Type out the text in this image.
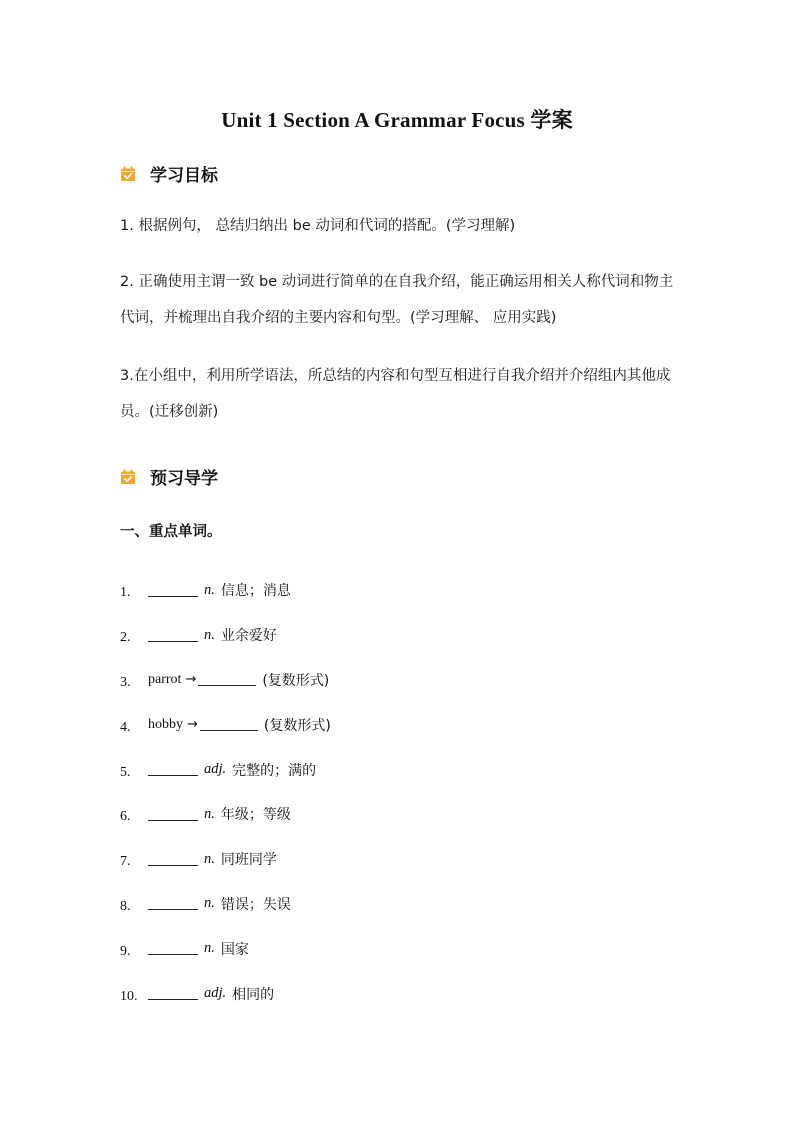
Unit 1 Section A Grammar Focus 学案
学习目标
1. 根据例句， 总结归纳出 be 动词和代词的搭配。(学习理解)
2. 正确使用主谓一致 be 动词进行简单的在自我介绍，能正确运用相关人称代词和物主代词，并梳理出自我介绍的主要内容和句型。(学习理解、 应用实践)
3.在小组中，利用所学语法，所总结的内容和句型互相进行自我介绍并介绍组内其他成员。(迁移创新)
预习导学
一、重点单词。
1.	n. 信息；消息
2.	n. 业余爱好
3.	parrot →	(复数形式)
4.	hobby →	(复数形式)
5.	adj. 完整的；满的
6.	n. 年级；等级
7.	n. 同班同学
8.	n. 错误；失误
9.	n. 国家
10.	adj. 相同的
